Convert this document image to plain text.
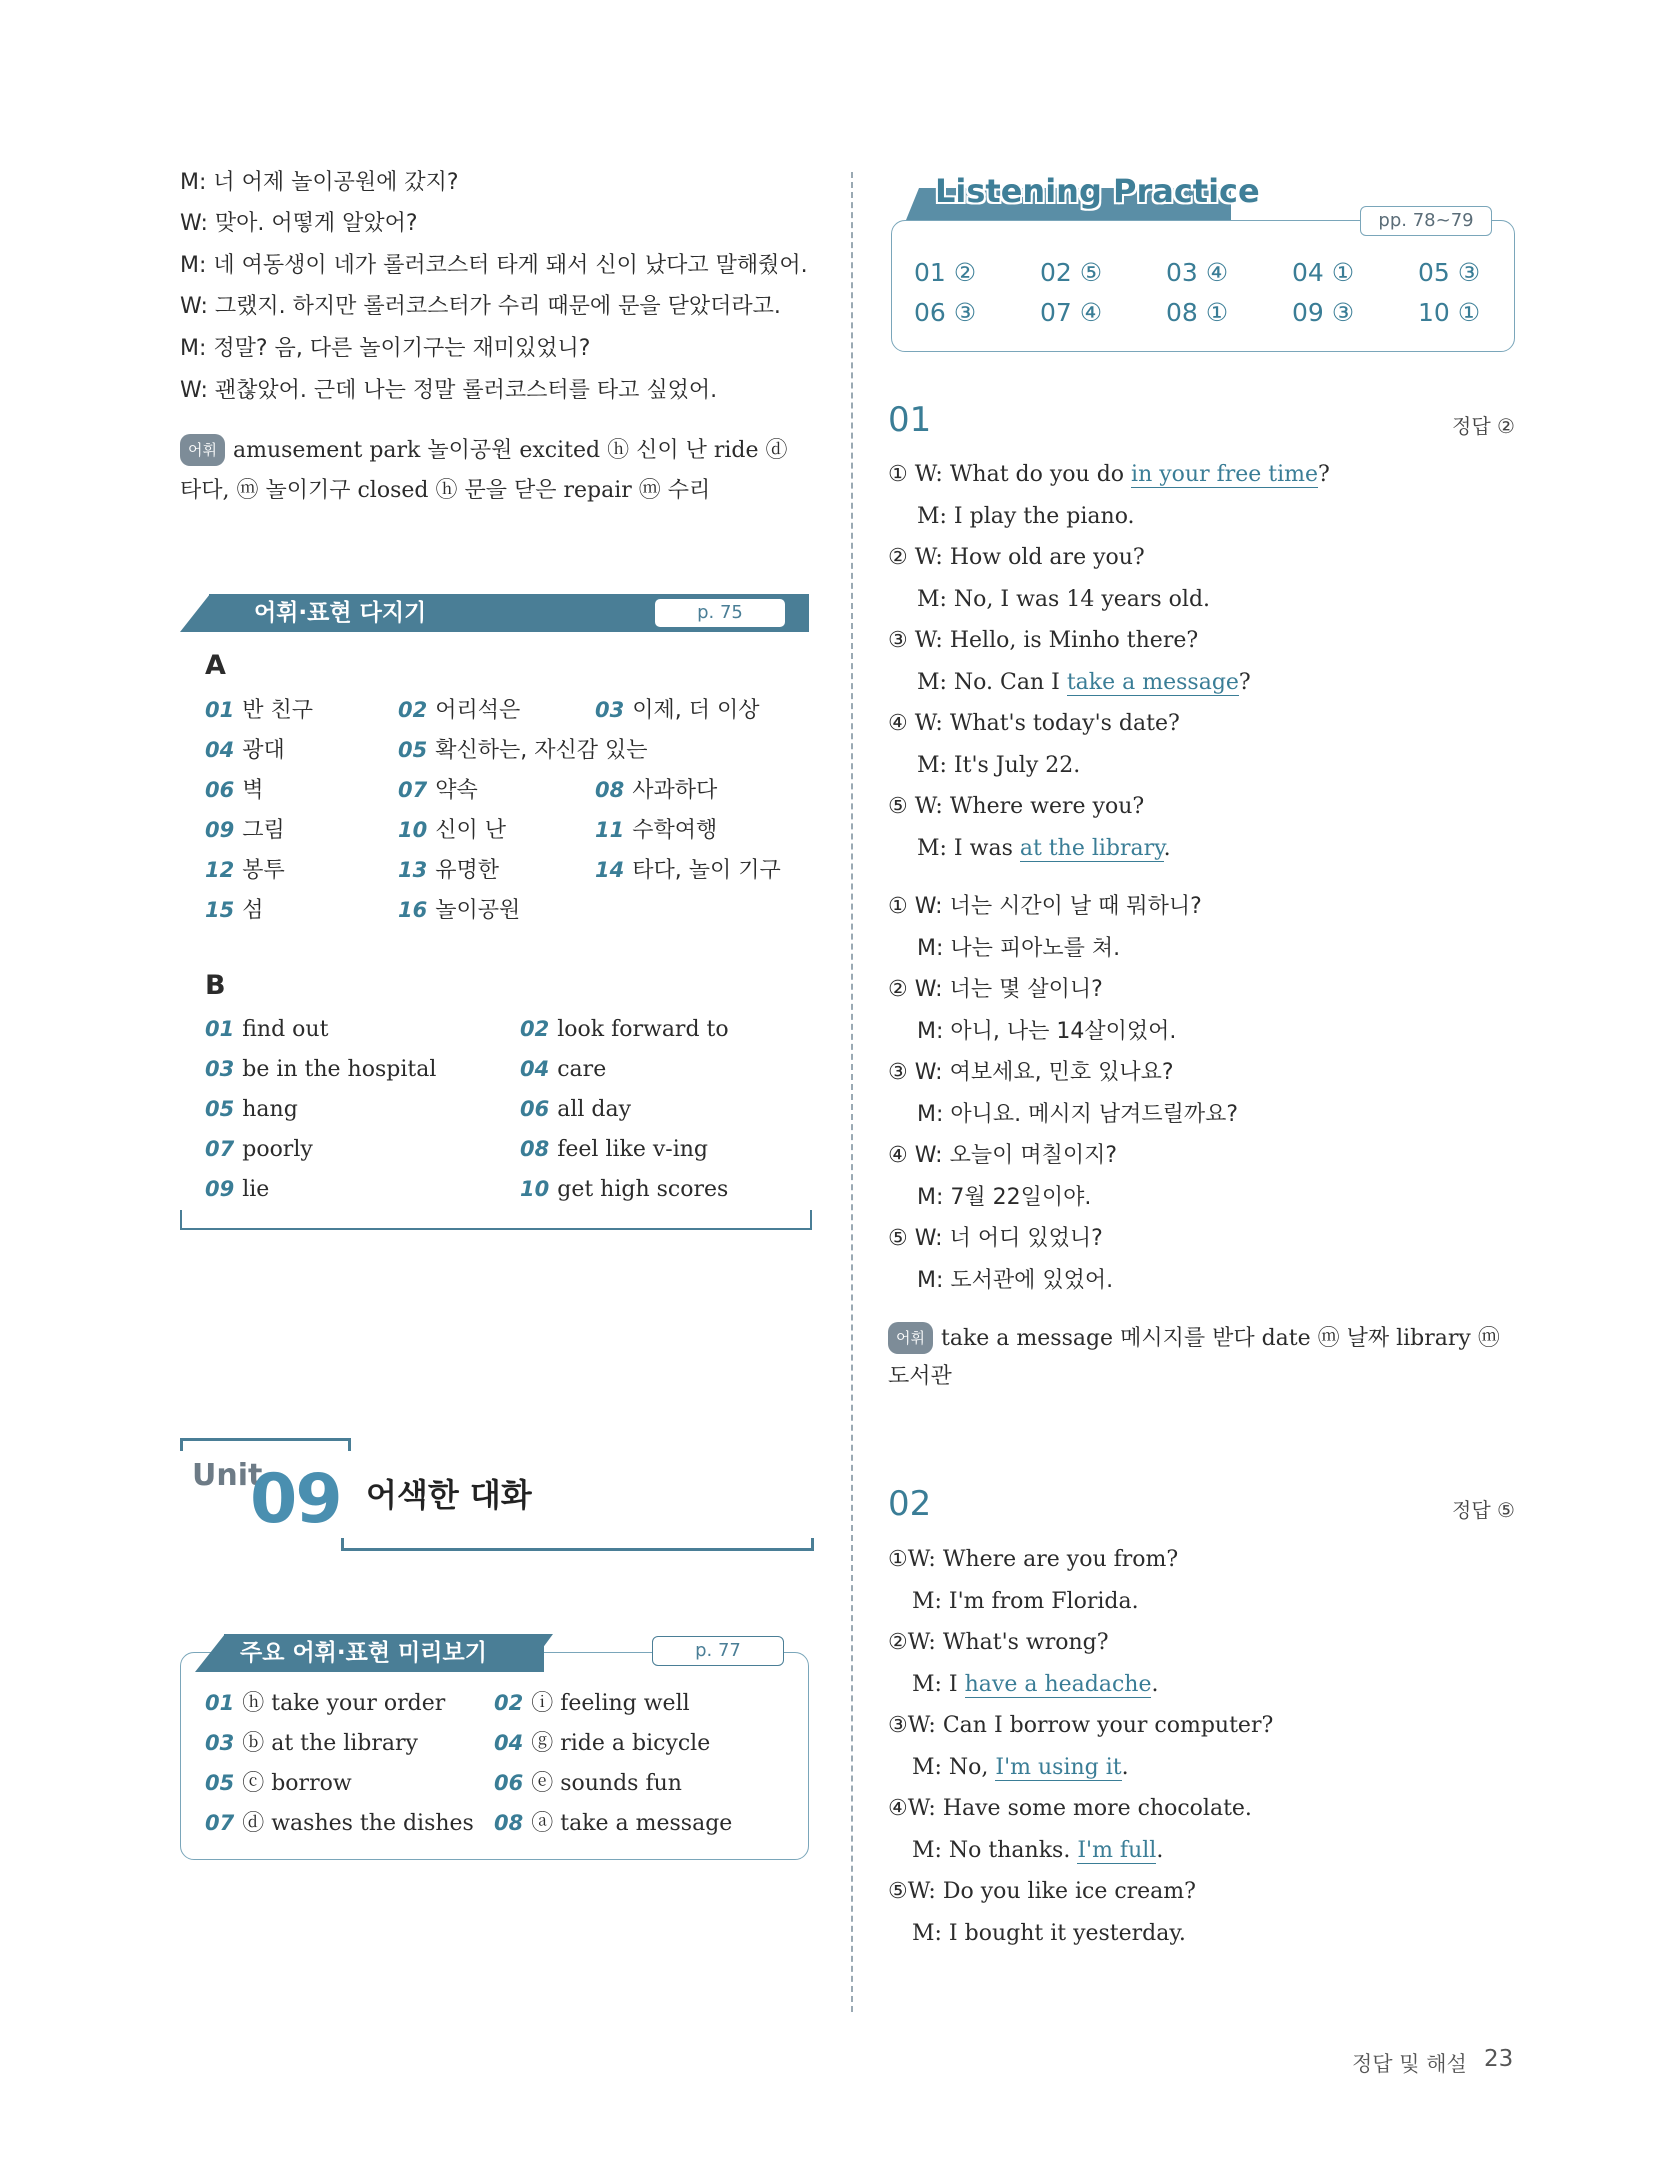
M: 너 어제 놀이공원에 갔지?
W: 맞아. 어떻게 알았어?
M: 네 여동생이 네가 롤러코스터 타게 돼서 신이 났다고 말해줬어.
W: 그랬지. 하지만 롤러코스터가 수리 때문에 문을 닫았더라고.
M: 정말? 음, 다른 놀이기구는 재미있었니?
W: 괜찮았어. 근데 나는 정말 롤러코스터를 타고 싶었어.
어휘 amusement park 놀이공원 excited ⓗ 신이 난 ride ⓓ
타다, ⓜ 놀이기구 closed ⓗ 문을 닫은 repair ⓜ 수리
어휘·표현 다지기	p. 75
A
01 반 친구	02 어리석은	03 이제, 더 이상
04 광대	05 확신하는, 자신감 있는
06 벽	07 약속	08 사과하다
09 그림	10 신이 난	11 수학여행
12 봉투	13 유명한	14 타다, 놀이 기구
15 섬	16 놀이공원
B
01 find out	02 look forward to
03 be in the hospital	04 care
05 hang	06 all day
07 poorly	08 feel like v-ing
09 lie	10 get high scores
Unit
09 어색한 대화
주요 어휘·표현 미리보기	p. 77
01 ⓗ take your order 02 ⓘ feeling well
03 ⓑ at the library	04 ⓖ ride a bicycle
05 ⓒ borrow	06 ⓔ sounds fun
07 ⓓ washes the dishes 08 ⓐ take a message
Listening Practice
pp. 78~79
01 ②	02 ⑤	03 ④	04 ①	05 ③
06 ③	07 ④	08 ①	09 ③	10 ①
01	정답 ②
① W: What do you do in your free time?
M: I play the piano.
② W: How old are you?
M: No, I was 14 years old.
③ W: Hello, is Minho there?
M: No. Can I take a message?
④ W: What's today's date?
M: It's July 22.
⑤ W: Where were you?
M: I was at the library.
① W: 너는 시간이 날 때 뭐하니?
M: 나는 피아노를 쳐.
② W: 너는 몇 살이니?
M: 아니, 나는 14살이었어.
③ W: 여보세요, 민호 있나요?
M: 아니요. 메시지 남겨드릴까요?
④ W: 오늘이 며칠이지?
M: 7월 22일이야.
⑤ W: 너 어디 있었니?
M: 도서관에 있었어.
어휘 take a message 메시지를 받다 date ⓜ 날짜 library ⓜ
도서관
02	정답 ⑤
①W: Where are you from?
M: I'm from Florida.
②W: What's wrong?
M: I have a headache.
③W: Can I borrow your computer?
M: No, I'm using it.
④W: Have some more chocolate.
M: No thanks. I'm full.
⑤W: Do you like ice cream?
M: I bought it yesterday.
정답 및 해설 23
